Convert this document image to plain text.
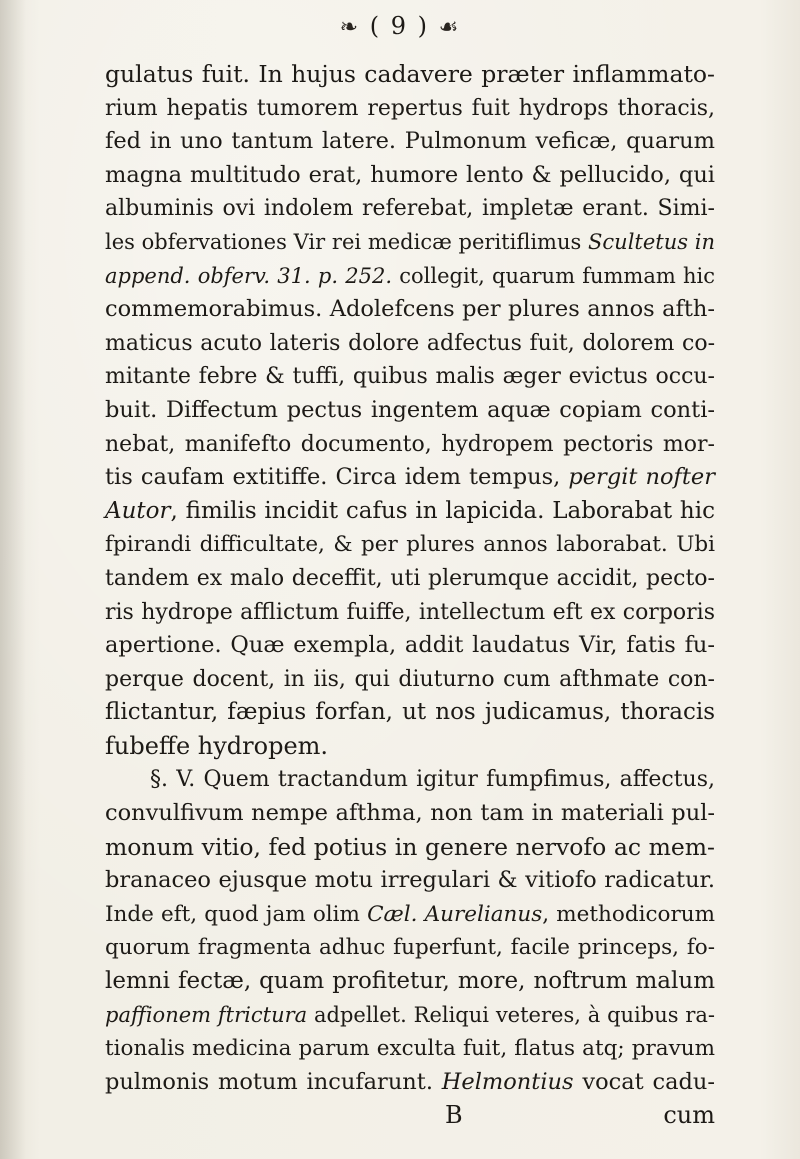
❧ ( 9 ) ☙
gulatus fuit. In hujus cadavere præter inflammato-
rium hepatis tumorem repertus fuit hydrops thoracis,
fed in uno tantum latere. Pulmonum veficæ, quarum
magna multitudo erat, humore lento & pellucido, qui
albuminis ovi indolem referebat, impletæ erant. Simi-
les obfervationes Vir rei medicæ peritiflimus Scultetus in
append. obferv. 31. p. 252. collegit, quarum fummam hic
commemorabimus. Adolefcens per plures annos afth-
maticus acuto lateris dolore adfectus fuit, dolorem co-
mitante febre & tuffi, quibus malis æger evictus occu-
buit. Diffectum pectus ingentem aquæ copiam conti-
nebat, manifefto documento, hydropem pectoris mor-
tis caufam extitiffe. Circa idem tempus, pergit nofter
Autor, fimilis incidit cafus in lapicida. Laborabat hic
fpirandi difficultate, & per plures annos laborabat. Ubi
tandem ex malo deceffit, uti plerumque accidit, pecto-
ris hydrope afflictum fuiffe, intellectum eft ex corporis
apertione. Quæ exempla, addit laudatus Vir, fatis fu-
perque docent, in iis, qui diuturno cum afthmate con-
flictantur, fæpius forfan, ut nos judicamus, thoracis
fubeffe hydropem.
§. V. Quem tractandum igitur fumpfimus, affectus,
convulfivum nempe afthma, non tam in materiali pul-
monum vitio, fed potius in genere nervofo ac mem-
branaceo ejusque motu irregulari & vitiofo radicatur.
Inde eft, quod jam olim Cæl. Aurelianus, methodicorum
quorum fragmenta adhuc fuperfunt, facile princeps, fo-
lemni fectæ, quam profitetur, more, noftrum malum
paffionem ftrictura adpellet. Reliqui veteres, à quibus ra-
tionalis medicina parum exculta fuit, flatus atq; pravum
pulmonis motum incufarunt. Helmontius vocat cadu-
B	cum
